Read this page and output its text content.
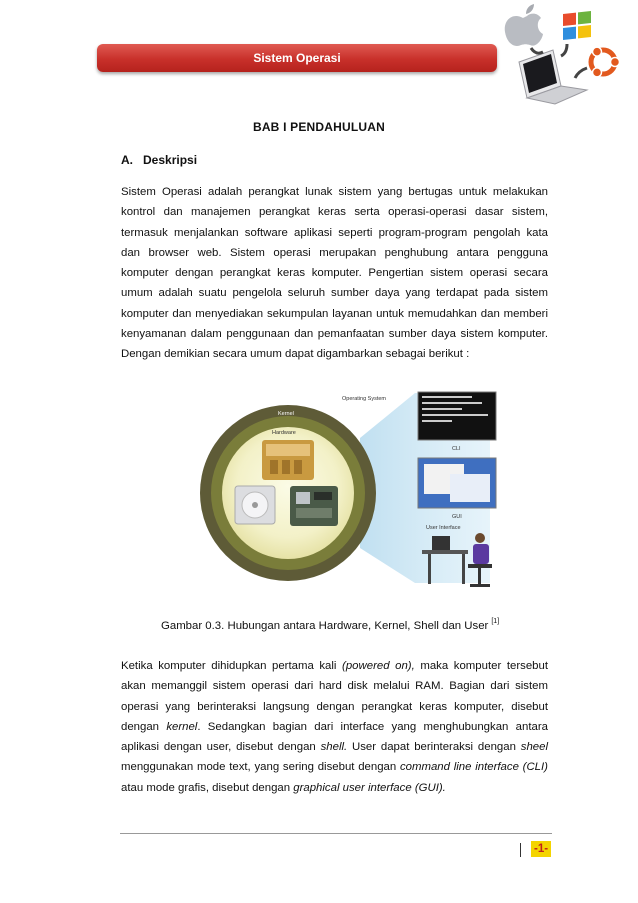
Sistem Operasi
BAB I PENDAHULUAN
A. Deskripsi

Sistem Operasi adalah perangkat lunak sistem yang bertugas untuk melakukan kontrol dan manajemen perangkat keras serta operasi-operasi dasar sistem, termasuk menjalankan software aplikasi seperti program-program pengolah kata dan browser web. Sistem operasi merupakan penghubung antara pengguna komputer dengan perangkat keras komputer. Pengertian sistem operasi secara umum adalah suatu pengelola seluruh sumber daya yang terdapat pada sistem komputer dan menyediakan sekumpulan layanan untuk memudahkan dan memberi kenyamanan dalam penggunaan dan pemanfaatan sumber daya sistem komputer. Dengan demikian secara umum dapat digambarkan sebagai berikut :

Shell
Kernel
Hardware
Operating System
CLI
GUI
User Interface
Gambar 0.3. Hubungan antara Hardware, Kernel, Shell dan User [1]

Ketika komputer dihidupkan pertama kali (powered on), maka komputer tersebut akan memanggil sistem operasi dari hard disk melalui RAM. Bagian dari sistem operasi yang berinteraksi langsung dengan perangkat keras komputer, disebut dengan kernel. Sedangkan bagian dari interface yang menghubungkan antara aplikasi dengan user, disebut dengan shell. User dapat berinteraksi dengan sheel menggunakan mode text, yang sering disebut dengan command line interface (CLI) atau mode grafis, disebut dengan graphical user interface (GUI).

-1-
